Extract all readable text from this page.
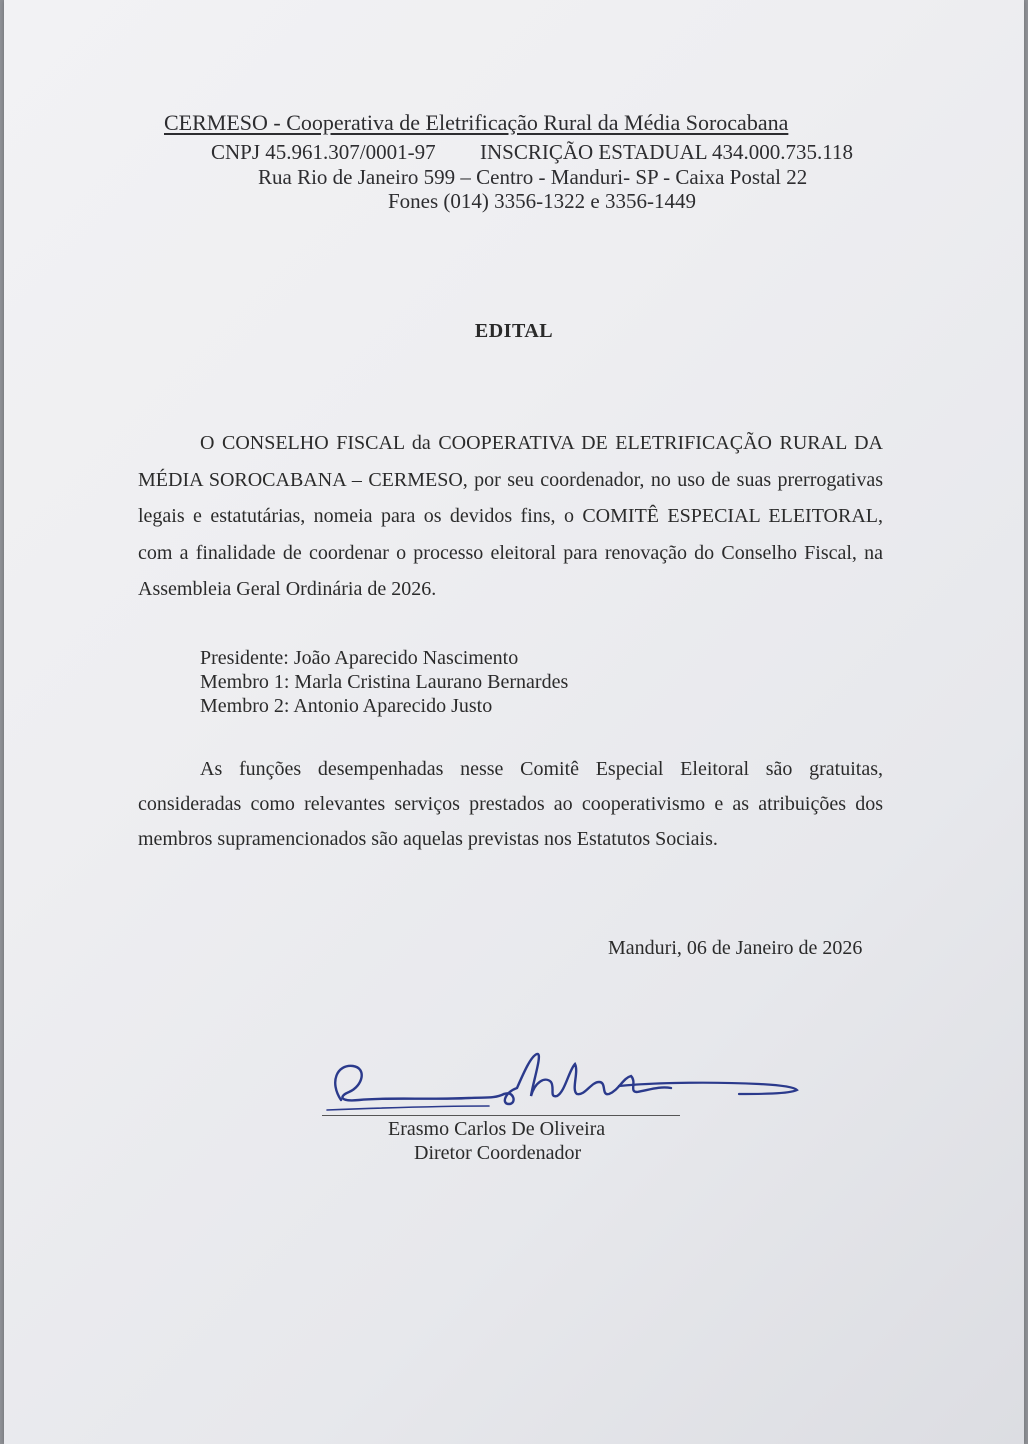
CERMESO - Cooperativa de Eletrificação Rural da Média Sorocabana
CNPJ 45.961.307/0001-97 INSCRIÇÃO ESTADUAL 434.000.735.118
Rua Rio de Janeiro 599 – Centro - Manduri- SP - Caixa Postal 22
Fones (014) 3356-1322 e 3356-1449
EDITAL

O CONSELHO FISCAL da COOPERATIVA DE ELETRIFICAÇÃO RURAL DA MÉDIA SOROCABANA – CERMESO, por seu coordenador, no uso de suas prerrogativas legais e estatutárias, nomeia para os devidos fins, o COMITÊ ESPECIAL ELEITORAL, com a finalidade de coordenar o processo eleitoral para renovação do Conselho Fiscal, na Assembleia Geral Ordinária de 2026.

Presidente: João Aparecido Nascimento
Membro 1: Marla Cristina Laurano Bernardes
Membro 2: Antonio Aparecido Justo

As funções desempenhadas nesse Comitê Especial Eleitoral são gratuitas, consideradas como relevantes serviços prestados ao cooperativismo e as atribuições dos membros supramencionados são aquelas previstas nos Estatutos Sociais.

Manduri, 06 de Janeiro de 2026
Erasmo Carlos De Oliveira
Diretor Coordenador
